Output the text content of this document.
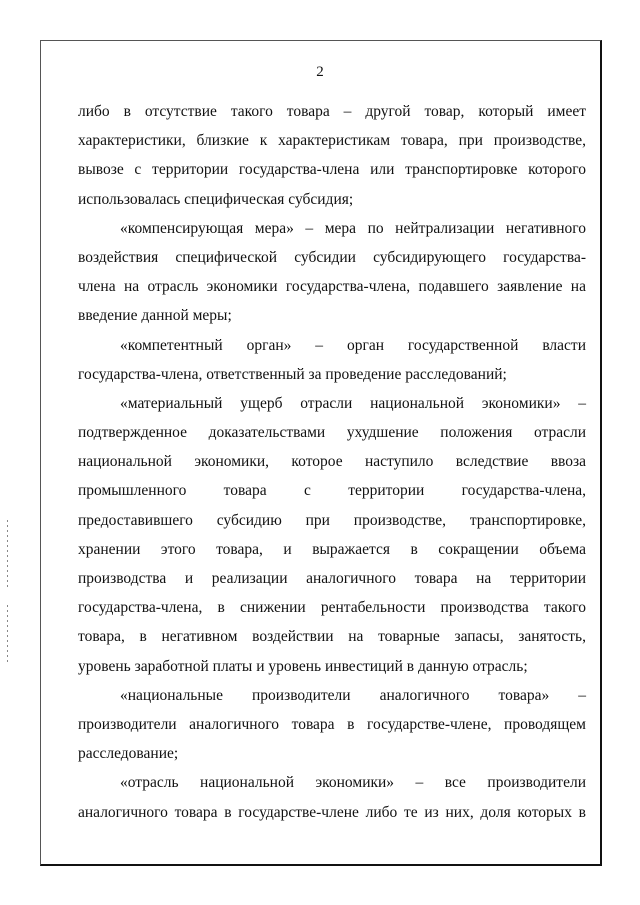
2
либо в отсутствие такого товара – другой товар, который имеет
характеристики, близкие к характеристикам товара, при производстве,
вывозе с территории государства-члена или транспортировке которого
использовалась специфическая субсидия;
«компенсирующая мера» – мера по нейтрализации негативного
воздействия специфической субсидии субсидирующего государства-
члена на отрасль экономики государства-члена, подавшего заявление на
введение данной меры;
«компетентный орган» – орган государственной власти
государства-члена, ответственный за проведение расследований;
«материальный ущерб отрасли национальной экономики» –
подтвержденное доказательствами ухудшение положения отрасли
национальной экономики, которое наступило вследствие ввоза
промышленного товара с территории государства-члена,
предоставившего субсидию при производстве, транспортировке,
хранении этого товара, и выражается в сокращении объема
производства и реализации аналогичного товара на территории
государства-члена, в снижении рентабельности производства такого
товара, в негативном воздействии на товарные запасы, занятость,
уровень заработной платы и уровень инвестиций в данную отрасль;
«национальные производители аналогичного товара» –
производители аналогичного товара в государстве-члене, проводящем
расследование;
«отрасль национальной экономики» – все производители
аналогичного товара в государстве-члене либо те из них, доля которых в
